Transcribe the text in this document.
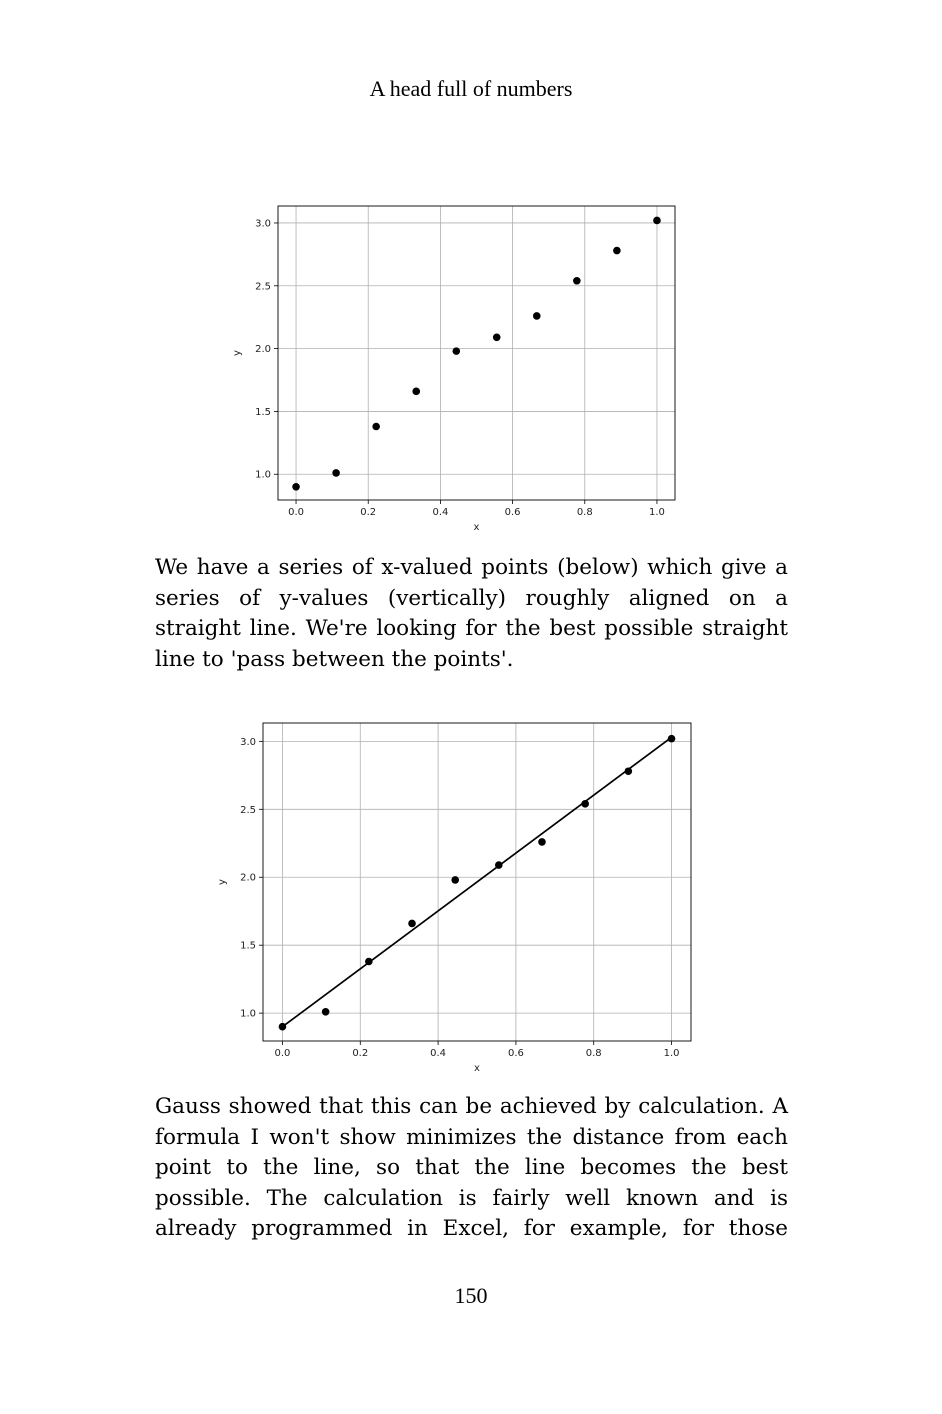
A head full of numbers
0.0	0.2	0.4	0.6	0.8	1.0
1.0
1.5
2.0
2.5
3.0
x
y
We have a series of x-valued points (below) which give a
series of y-values (vertically) roughly aligned on a
straight line. We're looking for the best possible straight
line to 'pass between the points'.
0.0	0.2	0.4	0.6	0.8	1.0
1.0
1.5
2.0
2.5
3.0
x
y
Gauss showed that this can be achieved by calculation. A
formula I won't show minimizes the distance from each
point to the line, so that the line becomes the best
possible. The calculation is fairly well known and is
already programmed in Excel, for example, for those
150
